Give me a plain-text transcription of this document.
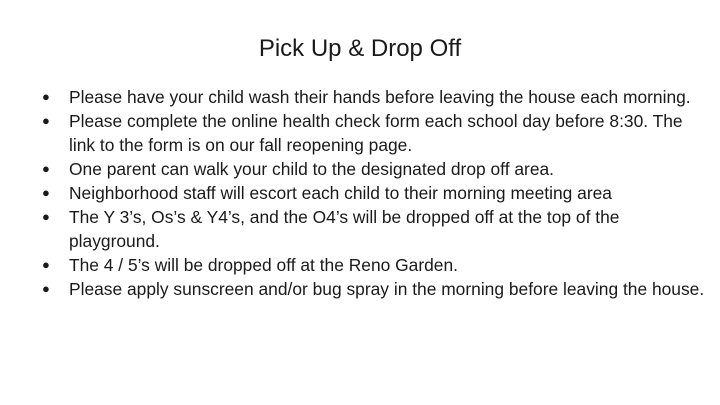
Pick Up & Drop Off
● Please have your child wash their hands before leaving the house each morning.
● Please complete the online health check form each school day before 8:30. The link to the form is on our fall reopening page.
● One parent can walk your child to the designated drop off area.
● Neighborhood staff will escort each child to their morning meeting area
● The Y 3’s, Os’s & Y4’s, and the O4’s will be dropped off at the top of the playground.
● The 4 / 5’s will be dropped off at the Reno Garden.
● Please apply sunscreen and/or bug spray in the morning before leaving the house.
